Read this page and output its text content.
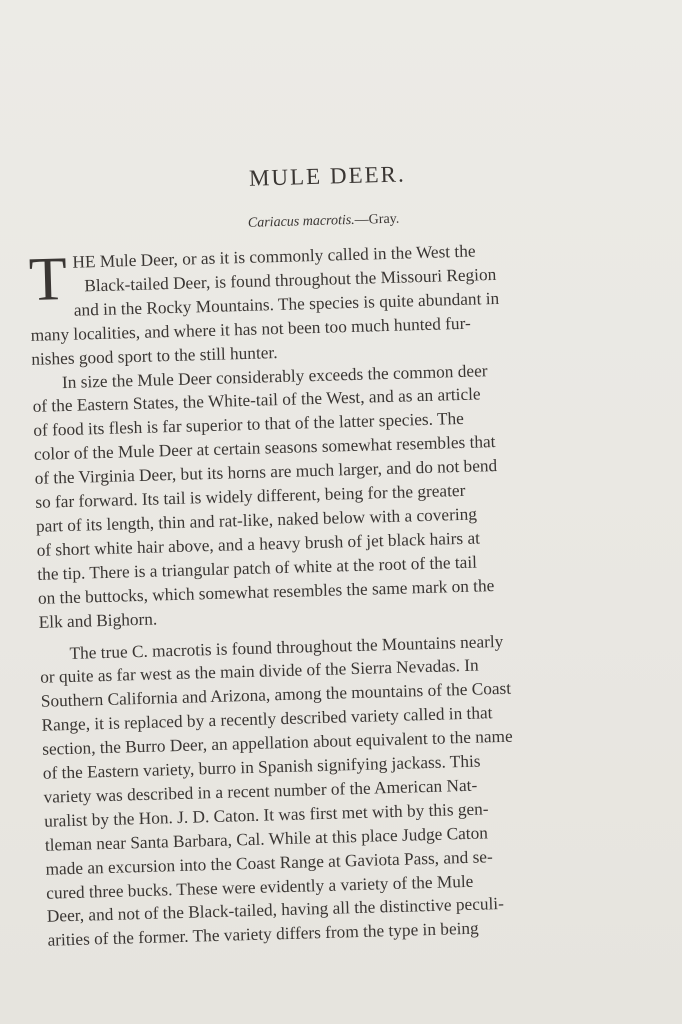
MULE DEER.
Cariacus macrotis.—Gray.
T HE Mule Deer, or as it is commonly called in the West the
Black-tailed Deer, is found throughout the Missouri Region
and in the Rocky Mountains. The species is quite abundant in
many localities, and where it has not been too much hunted fur-
nishes good sport to the still hunter.
In size the Mule Deer considerably exceeds the common deer
of the Eastern States, the White-tail of the West, and as an article
of food its flesh is far superior to that of the latter species. The
color of the Mule Deer at certain seasons somewhat resembles that
of the Virginia Deer, but its horns are much larger, and do not bend
so far forward. Its tail is widely different, being for the greater
part of its length, thin and rat-like, naked below with a covering
of short white hair above, and a heavy brush of jet black hairs at
the tip. There is a triangular patch of white at the root of the tail
on the buttocks, which somewhat resembles the same mark on the
Elk and Bighorn.
The true C. macrotis is found throughout the Mountains nearly
or quite as far west as the main divide of the Sierra Nevadas. In
Southern California and Arizona, among the mountains of the Coast
Range, it is replaced by a recently described variety called in that
section, the Burro Deer, an appellation about equivalent to the name
of the Eastern variety, burro in Spanish signifying jackass. This
variety was described in a recent number of the American Nat-
uralist by the Hon. J. D. Caton. It was first met with by this gen-
tleman near Santa Barbara, Cal. While at this place Judge Caton
made an excursion into the Coast Range at Gaviota Pass, and se-
cured three bucks. These were evidently a variety of the Mule
Deer, and not of the Black-tailed, having all the distinctive peculi-
arities of the former. The variety differs from the type in being
